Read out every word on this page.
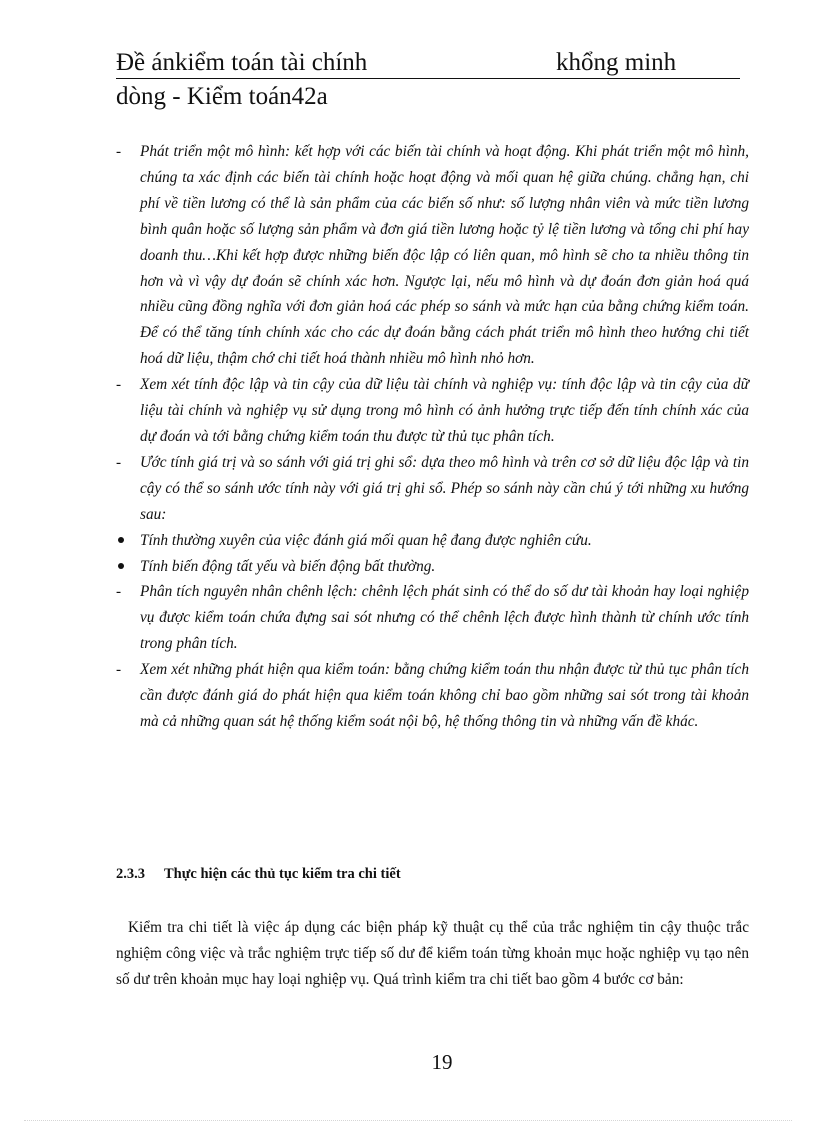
Đề ánkiểm toán tài chính	khổng minh
dòng - Kiểm toán42a
-	Phát triển một mô hình: kết hợp với các biến tài chính và hoạt động. Khi phát triển một mô hình, chúng ta xác định các biến tài chính hoặc hoạt động và mối quan hệ giữa chúng. chẳng hạn, chi phí về tiền lương có thể là sản phẩm của các biến số như: số lượng nhân viên và mức tiền lương bình quân hoặc số lượng sản phẩm và đơn giá tiền lương hoặc tỷ lệ tiền lương và tổng chi phí hay doanh thu…Khi kết hợp được những biến độc lập có liên quan, mô hình sẽ cho ta nhiều thông tin hơn và vì vậy dự đoán sẽ chính xác hơn. Ngược lại, nếu mô hình và dự đoán đơn giản hoá quá nhiều cũng đồng nghĩa với đơn giản hoá các phép so sánh và mức hạn của bằng chứng kiểm toán. Để có thể tăng tính chính xác cho các dự đoán bằng cách phát triển mô hình theo hướng chi tiết hoá dữ liệu, thậm chớ chi tiết hoá thành nhiều mô hình nhỏ hơn.
-	Xem xét tính độc lập và tin cậy của dữ liệu tài chính và nghiệp vụ: tính độc lập và tin cậy của dữ liệu tài chính và nghiệp vụ sử dụng trong mô hình có ảnh hưởng trực tiếp đến tính chính xác của dự đoán và tới bằng chứng kiểm toán thu được từ thủ tục phân tích.
-	Ước tính giá trị và so sánh với giá trị ghi sổ: dựa theo mô hình và trên cơ sở dữ liệu độc lập và tin cậy có thể so sánh ước tính này với giá trị ghi sổ. Phép so sánh này cần chú ý tới những xu hướng sau:
Tính thường xuyên của việc đánh giá mối quan hệ đang được nghiên cứu.
Tính biến động tất yếu và biến động bất thường.
-	Phân tích nguyên nhân chênh lệch: chênh lệch phát sinh có thể do số dư tài khoản hay loại nghiệp vụ được kiểm toán chứa đựng sai sót nhưng có thể chênh lệch được hình thành từ chính ước tính trong phân tích.
-	Xem xét những phát hiện qua kiểm toán: bằng chứng kiểm toán thu nhận được từ thủ tục phân tích cần được đánh giá do phát hiện qua kiểm toán không chỉ bao gồm những sai sót trong tài khoản mà cả những quan sát hệ thống kiểm soát nội bộ, hệ thống thông tin và những vấn đề khác.
2.3.3 Thực hiện các thủ tục kiểm tra chi tiết
Kiểm tra chi tiết là việc áp dụng các biện pháp kỹ thuật cụ thể của trắc nghiệm tin cậy thuộc trắc nghiệm công việc và trắc nghiệm trực tiếp số dư để kiểm toán từng khoản mục hoặc nghiệp vụ tạo nên số dư trên khoản mục hay loại nghiệp vụ. Quá trình kiểm tra chi tiết bao gồm 4 bước cơ bản:
19
